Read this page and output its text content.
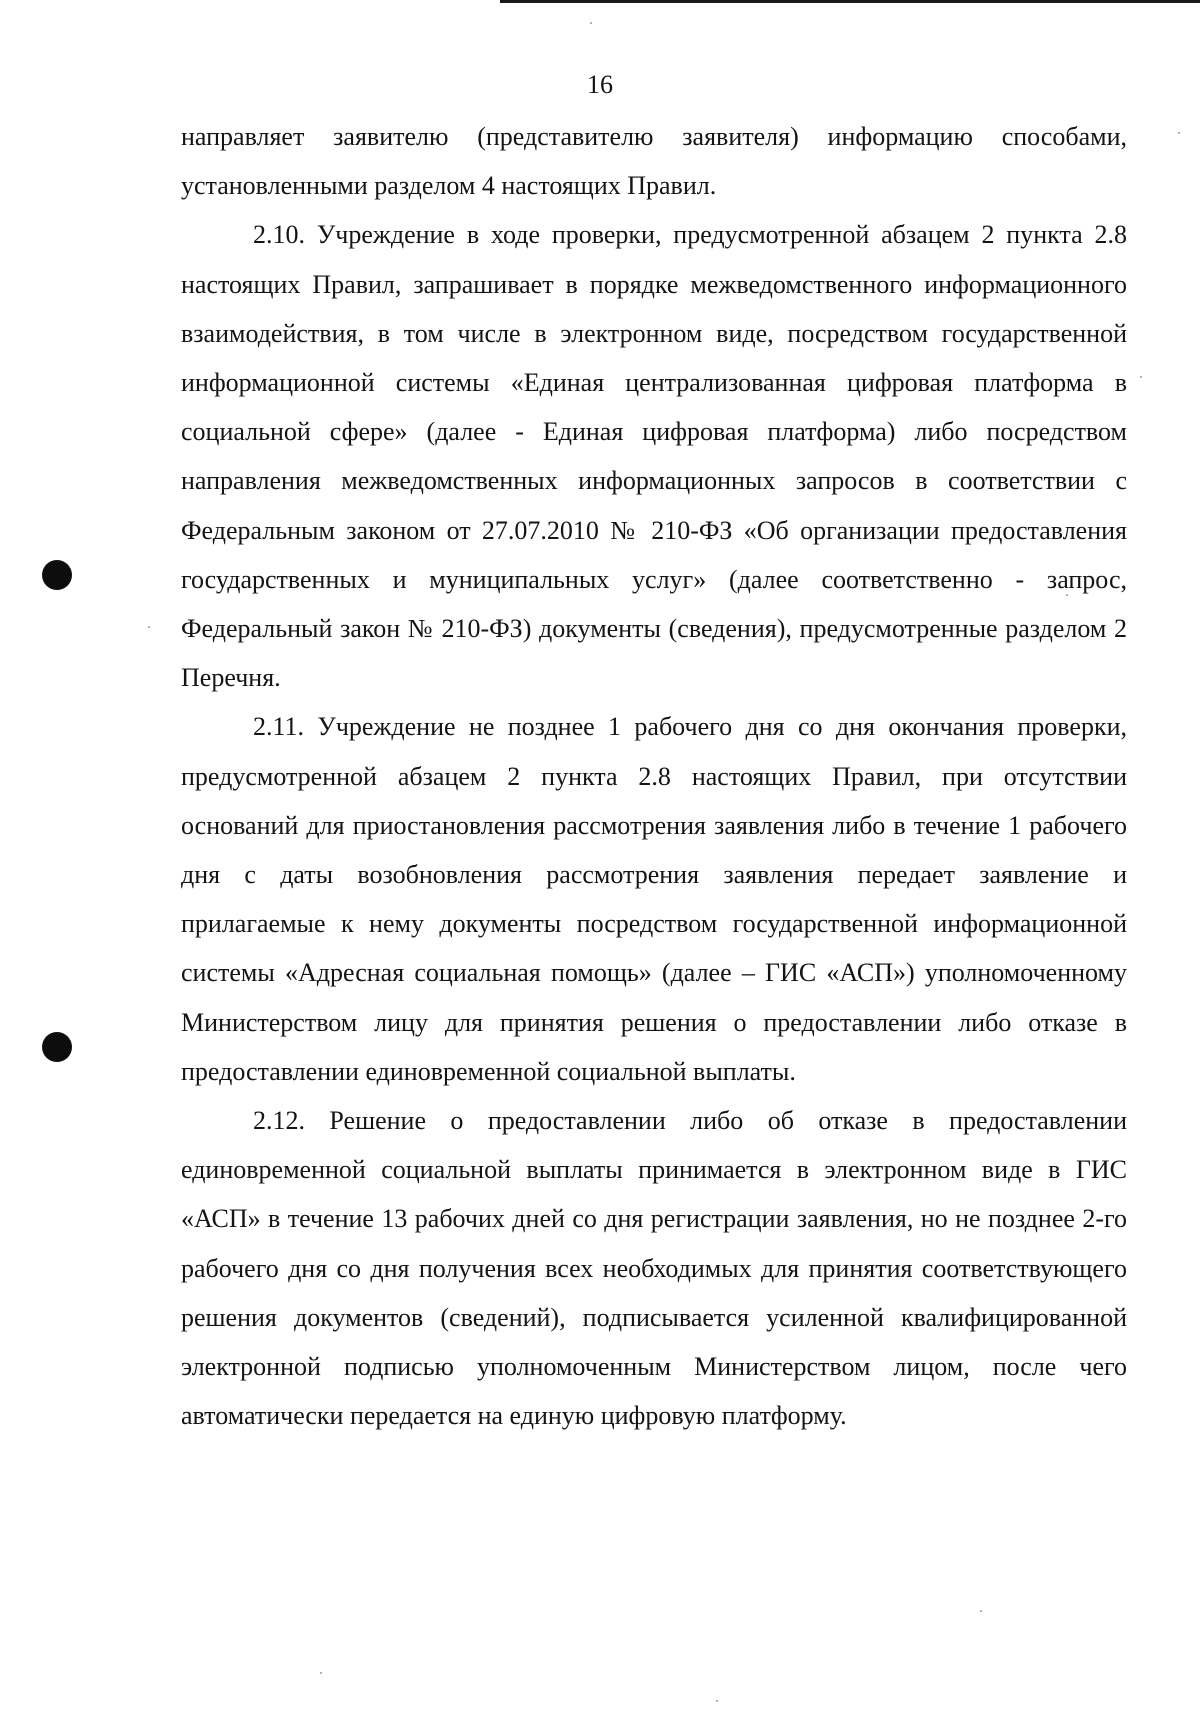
16

направляет заявителю (представителю заявителя) информацию способами, установленными разделом 4 настоящих Правил.

2.10. Учреждение в ходе проверки, предусмотренной абзацем 2 пункта 2.8 настоящих Правил, запрашивает в порядке межведомственного информационного взаимодействия, в том числе в электронном виде, посредством государственной информационной системы «Единая централизованная цифровая платформа в социальной сфере» (далее - Единая цифровая платформа) либо посредством направления межведомственных информационных запросов в соответствии с Федеральным законом от 27.07.2010 № 210-ФЗ «Об организации предоставления государственных и муниципальных услуг» (далее соответственно - запрос, Федеральный закон № 210-ФЗ) документы (сведения), предусмотренные разделом 2 Перечня.

2.11. Учреждение не позднее 1 рабочего дня со дня окончания проверки, предусмотренной абзацем 2 пункта 2.8 настоящих Правил, при отсутствии оснований для приостановления рассмотрения заявления либо в течение 1 рабочего дня с даты возобновления рассмотрения заявления передает заявление и прилагаемые к нему документы посредством государственной информационной системы «Адресная социальная помощь» (далее – ГИС «АСП») уполномоченному Министерством лицу для принятия решения о предоставлении либо отказе в предоставлении единовременной социальной выплаты.

2.12. Решение о предоставлении либо об отказе в предоставлении единовременной социальной выплаты принимается в электронном виде в ГИС «АСП» в течение 13 рабочих дней со дня регистрации заявления, но не позднее 2-го рабочего дня со дня получения всех необходимых для принятия соответствующего решения документов (сведений), подписывается усиленной квалифицированной электронной подписью уполномоченным Министерством лицом, после чего автоматически передается на единую цифровую платформу.
